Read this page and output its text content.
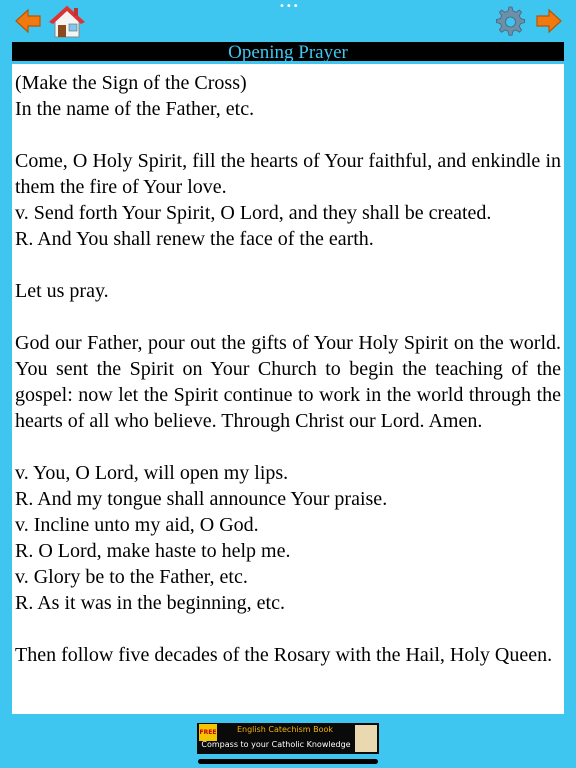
•••
Opening Prayer

(Make the Sign of the Cross)
In the name of the Father, etc.

Come, O Holy Spirit, fill the hearts of Your faithful, and enkindle in them the fire of Your love.
v. Send forth Your Spirit, O Lord, and they shall be created.
R. And You shall renew the face of the earth.

Let us pray.

God our Father, pour out the gifts of Your Holy Spirit on the world. You sent the Spirit on Your Church to begin the teaching of the gospel: now let the Spirit continue to work in the world through the hearts of all who believe. Through Christ our Lord. Amen.

v. You, O Lord, will open my lips.
R. And my tongue shall announce Your praise.
v. Incline unto my aid, O God.
R. O Lord, make haste to help me.
v. Glory be to the Father, etc.
R. As it was in the beginning, etc.

Then follow five decades of the Rosary with the Hail, Holy Queen.

FREE	English Catechism Book
Compass to your Catholic Knowledge
